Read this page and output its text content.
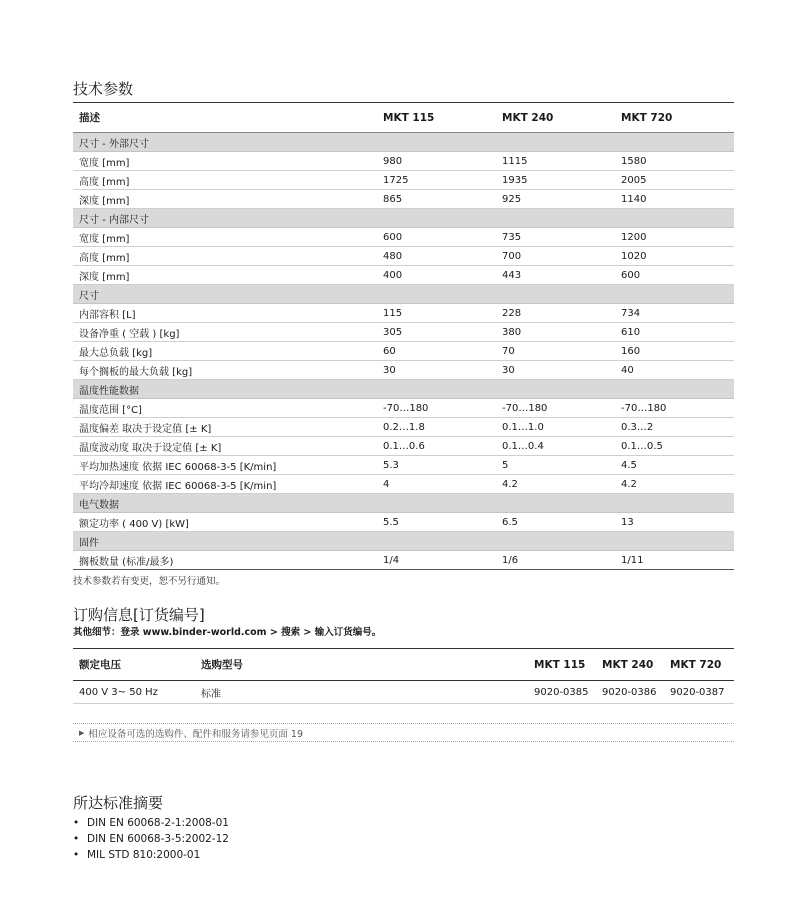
技术参数
描述	MKT 115	MKT 240	MKT 720
尺寸 - 外部尺寸
宽度 [mm]	980	1115	1580
高度 [mm]	1725	1935	2005
深度 [mm]	865	925	1140
尺寸 - 内部尺寸
宽度 [mm]	600	735	1200
高度 [mm]	480	700	1020
深度 [mm]	400	443	600
尺寸
内部容积 [L]	115	228	734
设备净重 ( 空载 ) [kg]	305	380	610
最大总负载 [kg]	60	70	160
每个搁板的最大负载 [kg]	30	30	40
温度性能数据
温度范围 [°C]	-70…180	-70…180	-70…180
温度偏差 取决于设定值 [± K]	0.2…1.8	0.1…1.0	0.3…2
温度波动度 取决于设定值 [± K]	0.1…0.6	0.1…0.4	0.1…0.5
平均加热速度 依据 IEC 60068-3-5 [K/min]	5.3	5	4.5
平均冷却速度 依据 IEC 60068-3-5 [K/min]	4	4.2	4.2
电气数据
额定功率 ( 400 V) [kW]	5.5	6.5	13
固件
搁板数量 (标准/最多)	1/4	1/6	1/11
技术参数若有变更，恕不另行通知。
订购信息[订货编号]
其他细节：登录 www.binder-world.com > 搜索 > 输入订货编号。
额定电压	选购型号	MKT 115	MKT 240	MKT 720
400 V 3~ 50 Hz	标准	9020-0385	9020-0386	9020-0387
▶ 相应设备可选的选购件、配件和服务请参见页面 19
所达标准摘要
• DIN EN 60068-2-1:2008-01
• DIN EN 60068-3-5:2002-12
• MIL STD 810:2000-01
